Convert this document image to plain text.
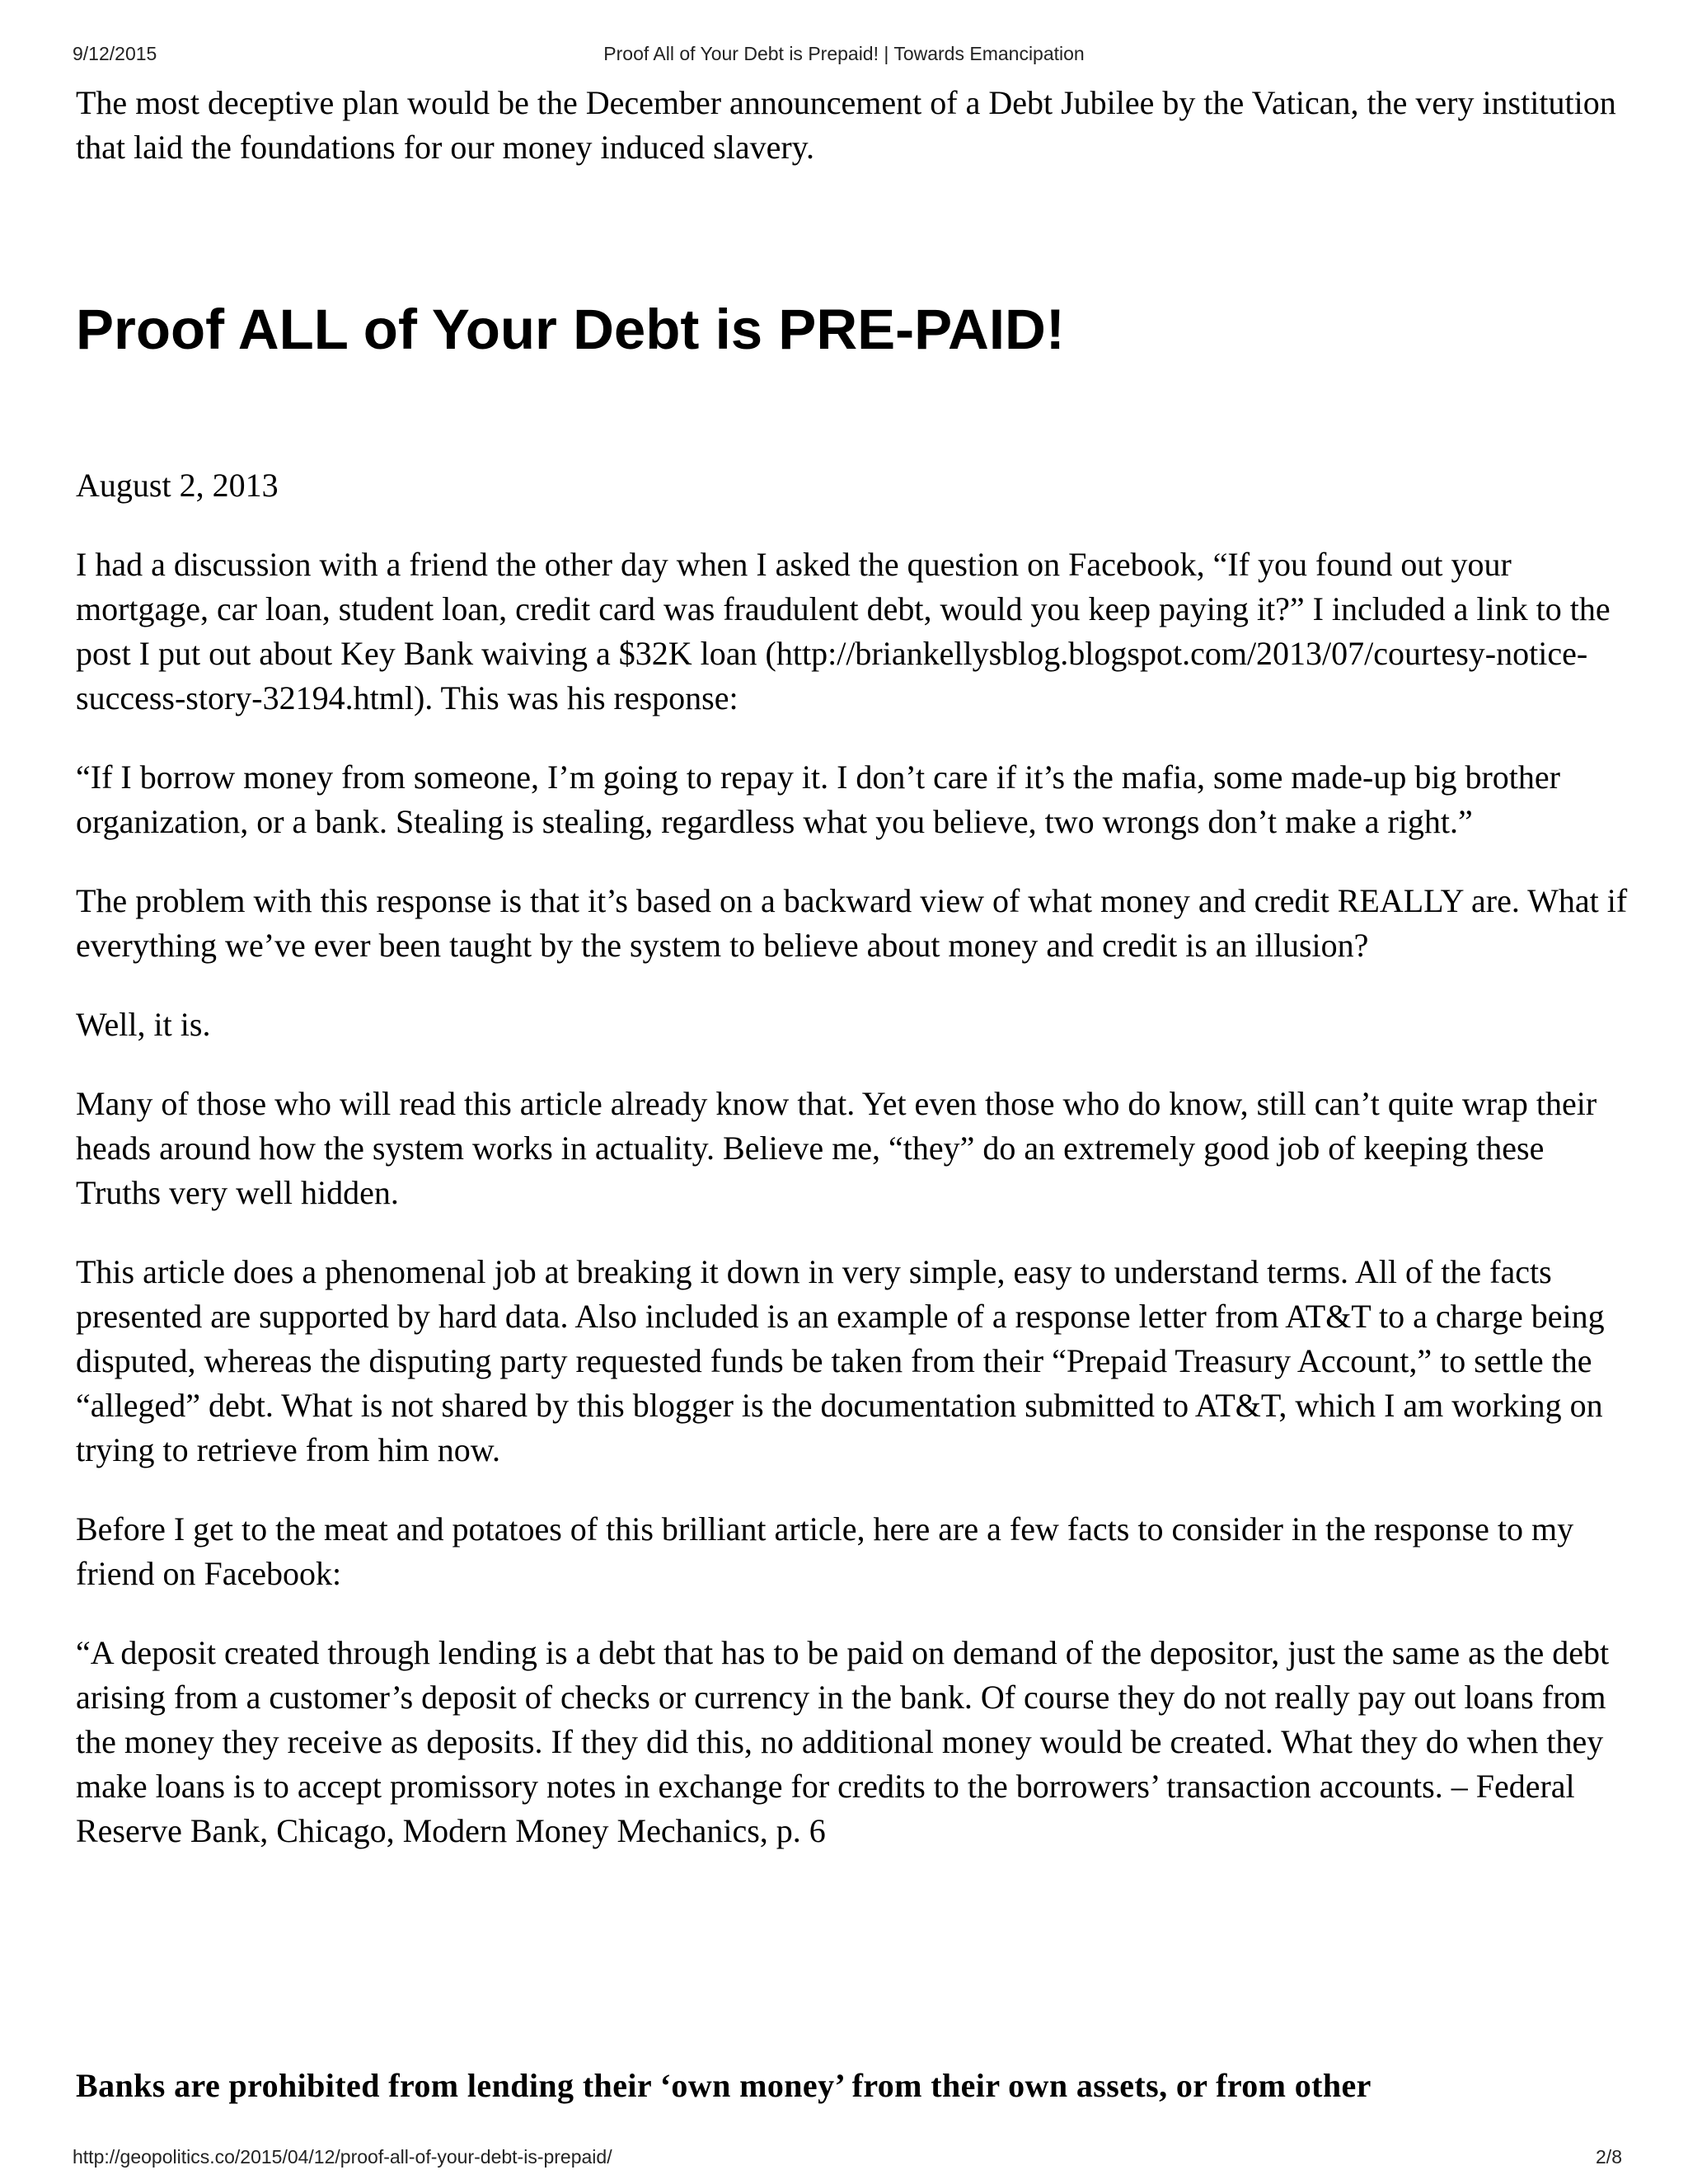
9/12/2015	Proof All of Your Debt is Prepaid! | Towards Emancipation

The most deceptive plan would be the December announcement of a Debt Jubilee by the Vatican, the very institution that laid the foundations for our money induced slavery.

Proof ALL of Your Debt is PRE-PAID!

August 2, 2013

I had a discussion with a friend the other day when I asked the question on Facebook, “If you found out your mortgage, car loan, student loan, credit card was fraudulent debt, would you keep paying it?” I included a link to the post I put out about Key Bank waiving a $32K loan (http://briankellysblog.blogspot.com/2013/07/courtesy-notice-success-story-32194.html). This was his response:

“If I borrow money from someone, I’m going to repay it. I don’t care if it’s the mafia, some made-up big brother organization, or a bank. Stealing is stealing, regardless what you believe, two wrongs don’t make a right.”

The problem with this response is that it’s based on a backward view of what money and credit REALLY are. What if everything we’ve ever been taught by the system to believe about money and credit is an illusion?

Well, it is.

Many of those who will read this article already know that. Yet even those who do know, still can’t quite wrap their heads around how the system works in actuality. Believe me, “they” do an extremely good job of keeping these Truths very well hidden.

This article does a phenomenal job at breaking it down in very simple, easy to understand terms. All of the facts presented are supported by hard data. Also included is an example of a response letter from AT&T to a charge being disputed, whereas the disputing party requested funds be taken from their “Prepaid Treasury Account,” to settle the “alleged” debt. What is not shared by this blogger is the documentation submitted to AT&T, which I am working on trying to retrieve from him now.

Before I get to the meat and potatoes of this brilliant article, here are a few facts to consider in the response to my friend on Facebook:

“A deposit created through lending is a debt that has to be paid on demand of the depositor, just the same as the debt arising from a customer’s deposit of checks or currency in the bank. Of course they do not really pay out loans from the money they receive as deposits. If they did this, no additional money would be created. What they do when they make loans is to accept promissory notes in exchange for credits to the borrowers’ transaction accounts. – Federal Reserve Bank, Chicago, Modern Money Mechanics, p. 6

Banks are prohibited from lending their ‘own money’ from their own assets, or from other

http://geopolitics.co/2015/04/12/proof-all-of-your-debt-is-prepaid/	2/8
